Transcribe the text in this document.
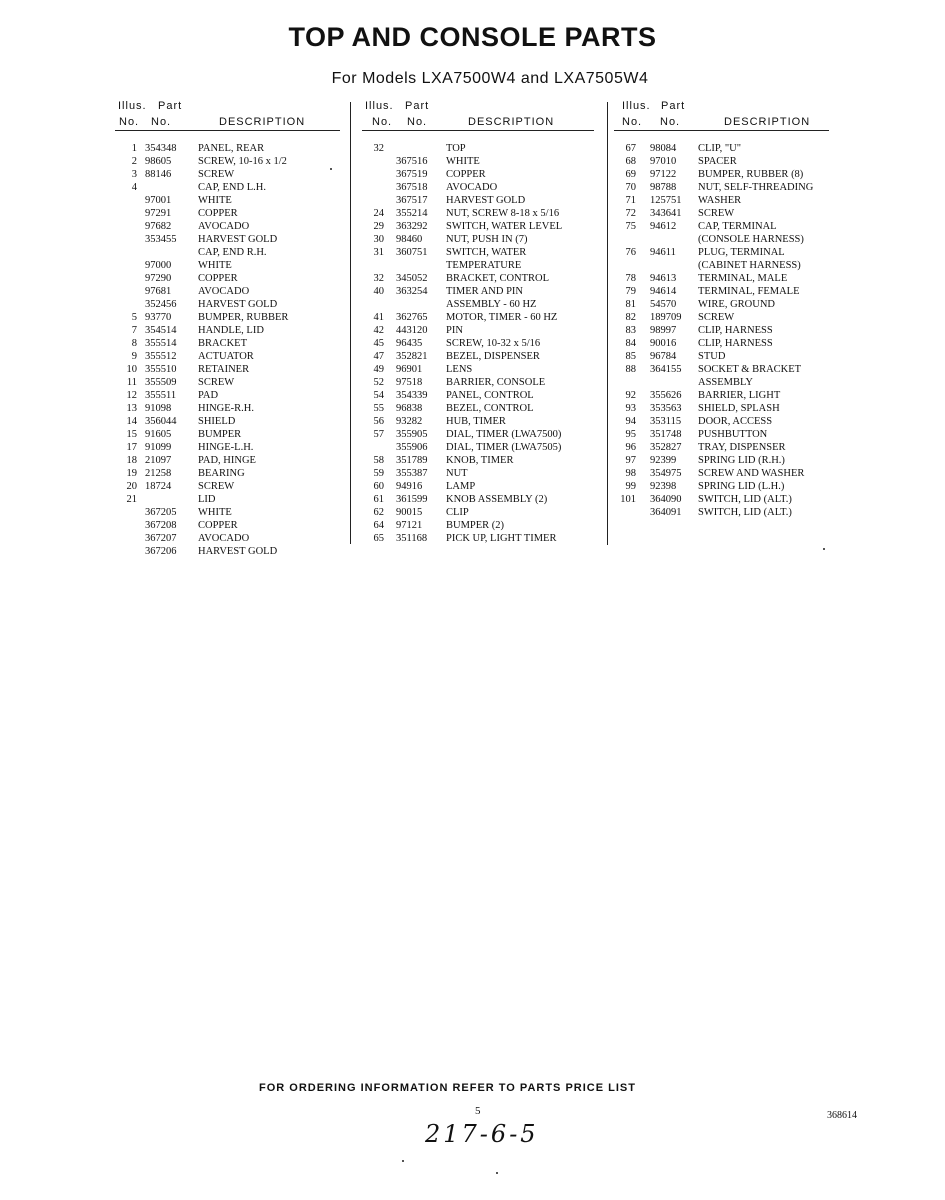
TOP AND CONSOLE PARTS
For Models LXA7500W4 and LXA7505W4
Illus. Part
No. No.	DESCRIPTION
1 354348 PANEL, REAR
2 98605	SCREW, 10-16 x 1/2
3 88146	SCREW
4	CAP, END L.H.
97001	WHITE
97291	COPPER
97682	AVOCADO
353455 HARVEST GOLD
CAP, END R.H.
97000	WHITE
97290	COPPER
97681	AVOCADO
352456 HARVEST GOLD
5 93770	BUMPER, RUBBER
7 354514 HANDLE, LID
8 355514 BRACKET
9 355512 ACTUATOR
10 355510 RETAINER
11 355509 SCREW
12 355511 PAD
13 91098	HINGE-R.H.
14 356044 SHIELD
15 91605	BUMPER
17 91099	HINGE-L.H.
18 21097	PAD, HINGE
19 21258	BEARING
20 18724	SCREW
21	LID
367205 WHITE
367208 COPPER
367207 AVOCADO
367206 HARVEST GOLD
Illus. Part
No. No.	DESCRIPTION
32	TOP
367516 WHITE
367519 COPPER
367518 AVOCADO
367517 HARVEST GOLD
24 355214 NUT, SCREW 8-18 x 5/16
29 363292 SWITCH, WATER LEVEL
30 98460 NUT, PUSH IN (7)
31 360751 SWITCH, WATER
TEMPERATURE
32 345052 BRACKET, CONTROL
40 363254 TIMER AND PIN
ASSEMBLY - 60 HZ
41 362765 MOTOR, TIMER - 60 HZ
42 443120 PIN
45 96435 SCREW, 10-32 x 5/16
47 352821 BEZEL, DISPENSER
49 96901 LENS
52 97518 BARRIER, CONSOLE
54 354339 PANEL, CONTROL
55 96838 BEZEL, CONTROL
56 93282 HUB, TIMER
57 355905 DIAL, TIMER (LWA7500)
355906 DIAL, TIMER (LWA7505)
58 351789 KNOB, TIMER
59 355387 NUT
60 94916 LAMP
61 361599 KNOB ASSEMBLY (2)
62 90015 CLIP
64 97121 BUMPER (2)
65 351168 PICK UP, LIGHT TIMER
Illus. Part
No. No.	DESCRIPTION
67 98084 CLIP, "U"
68 97010 SPACER
69 97122 BUMPER, RUBBER (8)
70 98788 NUT, SELF-THREADING
71 125751 WASHER
72 343641 SCREW
75 94612 CAP, TERMINAL
(CONSOLE HARNESS)
76 94611 PLUG, TERMINAL
(CABINET HARNESS)
78 94613 TERMINAL, MALE
79 94614 TERMINAL, FEMALE
81 54570 WIRE, GROUND
82 189709 SCREW
83 98997 CLIP, HARNESS
84 90016 CLIP, HARNESS
85 96784 STUD
88 364155 SOCKET & BRACKET
ASSEMBLY
92 355626 BARRIER, LIGHT
93 353563 SHIELD, SPLASH
94 353115 DOOR, ACCESS
95 351748 PUSHBUTTON
96 352827 TRAY, DISPENSER
97 92399 SPRING LID (R.H.)
98 354975 SCREW AND WASHER
99 92398 SPRING LID (L.H.)
101 364090 SWITCH, LID (ALT.)
364091 SWITCH, LID (ALT.)
FOR ORDERING INFORMATION REFER TO PARTS PRICE LIST
5	368614
217-6-5
